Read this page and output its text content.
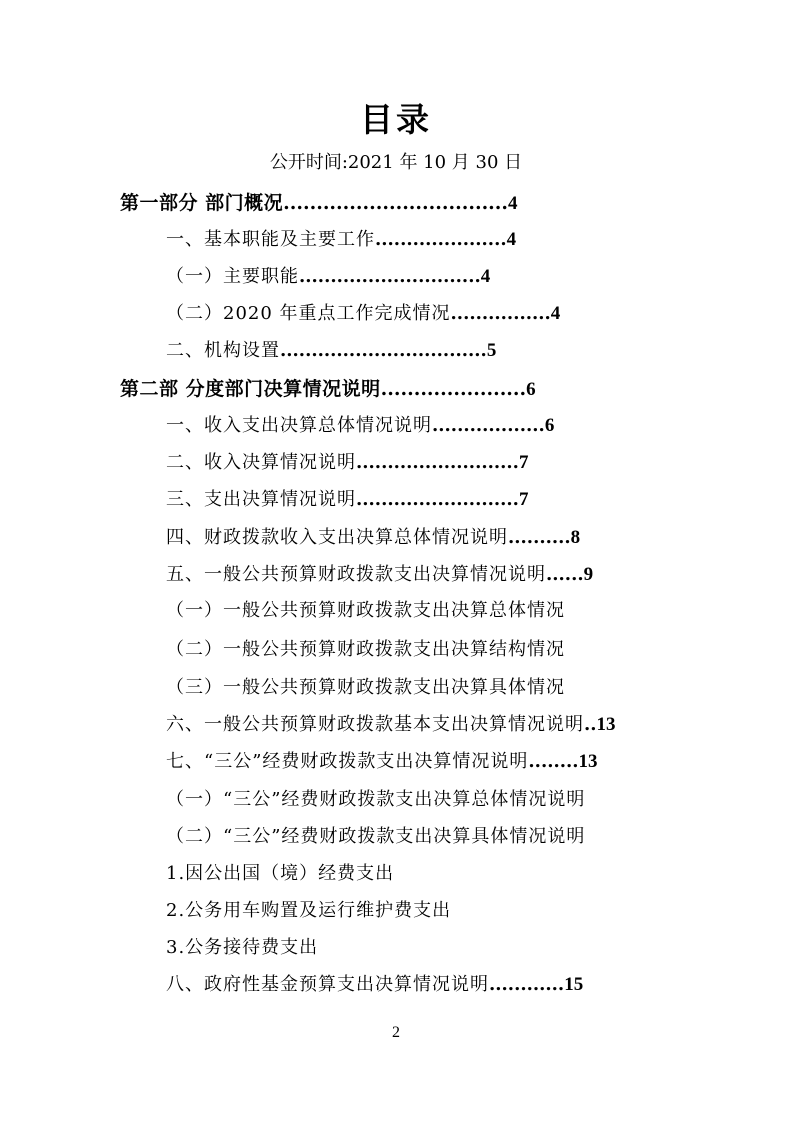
目录
公开时间:2021 年 10 月 30 日
第一部分 部门概况..................................4
一、基本职能及主要工作.....................4
（一）主要职能.............................4
（二）2020 年重点工作完成情况................4
二、机构设置.................................5
第二部 分度部门决算情况说明......................6
一、收入支出决算总体情况说明..................6
二、收入决算情况说明..........................7
三、支出决算情况说明..........................7
四、财政拨款收入支出决算总体情况说明..........8
五、一般公共预算财政拨款支出决算情况说明......9
（一）一般公共预算财政拨款支出决算总体情况
（二）一般公共预算财政拨款支出决算结构情况
（三）一般公共预算财政拨款支出决算具体情况
六、一般公共预算财政拨款基本支出决算情况说明..13
七、“三公”经费财政拨款支出决算情况说明........13
（一）“三公”经费财政拨款支出决算总体情况说明
（二）“三公”经费财政拨款支出决算具体情况说明
1.因公出国（境）经费支出
2.公务用车购置及运行维护费支出
3.公务接待费支出
八、政府性基金预算支出决算情况说明............15
2
